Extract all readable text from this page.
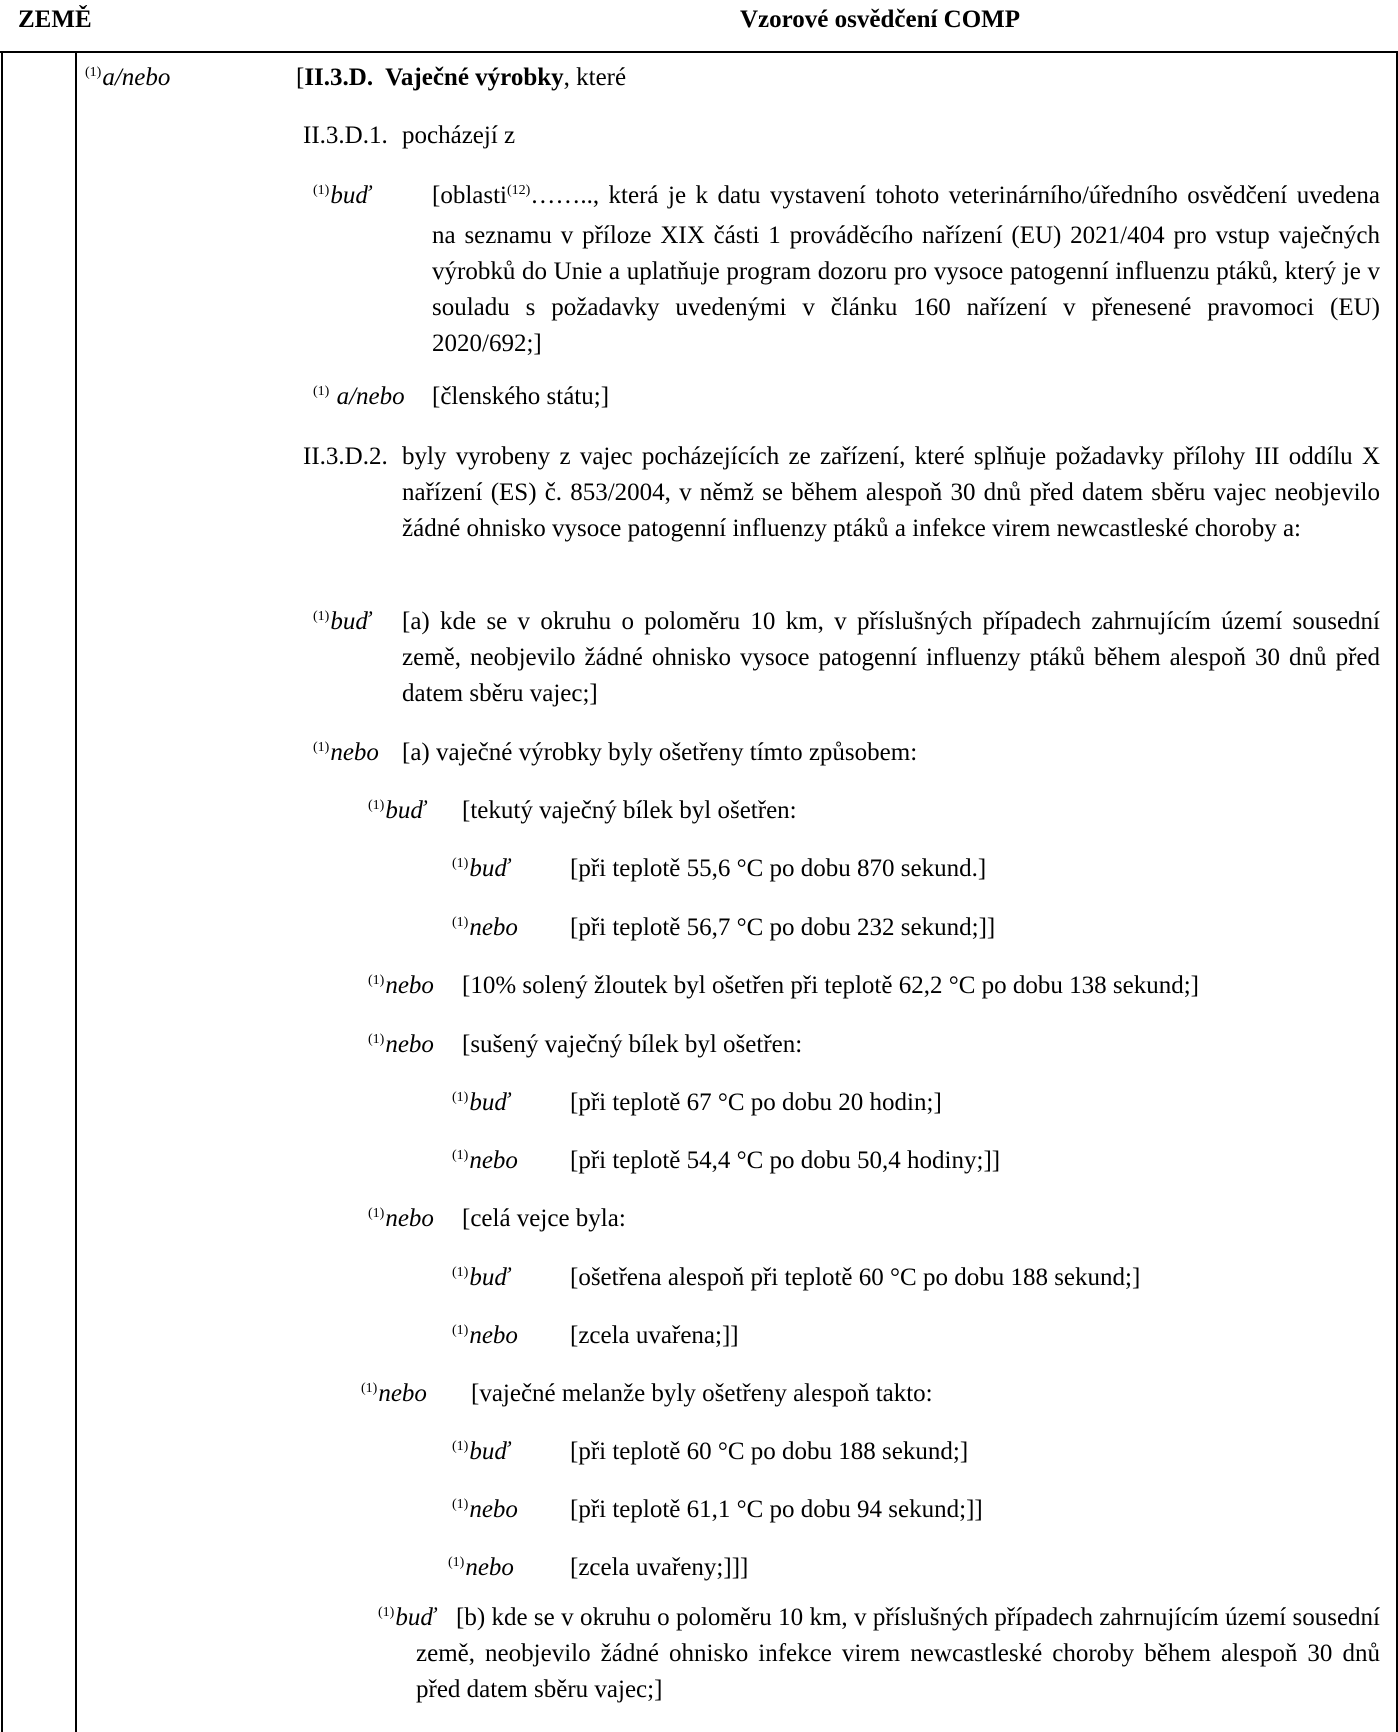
ZEMĚ	Vzorové osvědčení COMP
$^{(1)}$a/nebo	[II.3.D. Vaječné výrobky, které
II.3.D.1. pocházejí z
$^{(1)}$buď [oblasti$^{(12)}$…….., která je k datu vystavení tohoto veterinárního/úředního osvědčení uvedena na seznamu v příloze XIX části 1 prováděcího nařízení (EU) 2021/404 pro vstup vaječných výrobků do Unie a uplatňuje program dozoru pro vysoce patogenní influenzu ptáků, který je v souladu s požadavky uvedenými v článku 160 nařízení v přenesené pravomoci (EU) 2020/692;]
$^{(1)}$ a/nebo [členského státu;]
II.3.D.2. byly vyrobeny z vajec pocházejících ze zařízení, které splňuje požadavky přílohy III oddílu X nařízení (ES) č. 853/2004, v němž se během alespoň 30 dnů před datem sběru vajec neobjevilo žádné ohnisko vysoce patogenní influenzy ptáků a infekce virem newcastleské choroby a:
$^{(1)}$buď [a) kde se v okruhu o poloměru 10 km, v příslušných případech zahrnujícím území sousední země, neobjevilo žádné ohnisko vysoce patogenní influenzy ptáků během alespoň 30 dnů před datem sběru vajec;]
$^{(1)}$nebo [a) vaječné výrobky byly ošetřeny tímto způsobem:
$^{(1)}$buď [tekutý vaječný bílek byl ošetřen:
$^{(1)}$buď [při teplotě 55,6 °C po dobu 870 sekund.]
$^{(1)}$nebo [při teplotě 56,7 °C po dobu 232 sekund;]]
$^{(1)}$nebo [10% solený žloutek byl ošetřen při teplotě 62,2 °C po dobu 138 sekund;]
$^{(1)}$nebo [sušený vaječný bílek byl ošetřen:
$^{(1)}$buď [při teplotě 67 °C po dobu 20 hodin;]
$^{(1)}$nebo [při teplotě 54,4 °C po dobu 50,4 hodiny;]]
$^{(1)}$nebo [celá vejce byla:
$^{(1)}$buď [ošetřena alespoň při teplotě 60 °C po dobu 188 sekund;]
$^{(1)}$nebo [zcela uvařena;]]
$^{(1)}$nebo [vaječné melanže byly ošetřeny alespoň takto:
$^{(1)}$buď [při teplotě 60 °C po dobu 188 sekund;]
$^{(1)}$nebo [při teplotě 61,1 °C po dobu 94 sekund;]]
$^{(1)}$nebo [zcela uvařeny;]]]
$^{(1)}$buď [b) kde se v okruhu o poloměru 10 km, v příslušných případech zahrnujícím území sousední země, neobjevilo žádné ohnisko infekce virem newcastleské choroby během alespoň 30 dnů před datem sběru vajec;]
